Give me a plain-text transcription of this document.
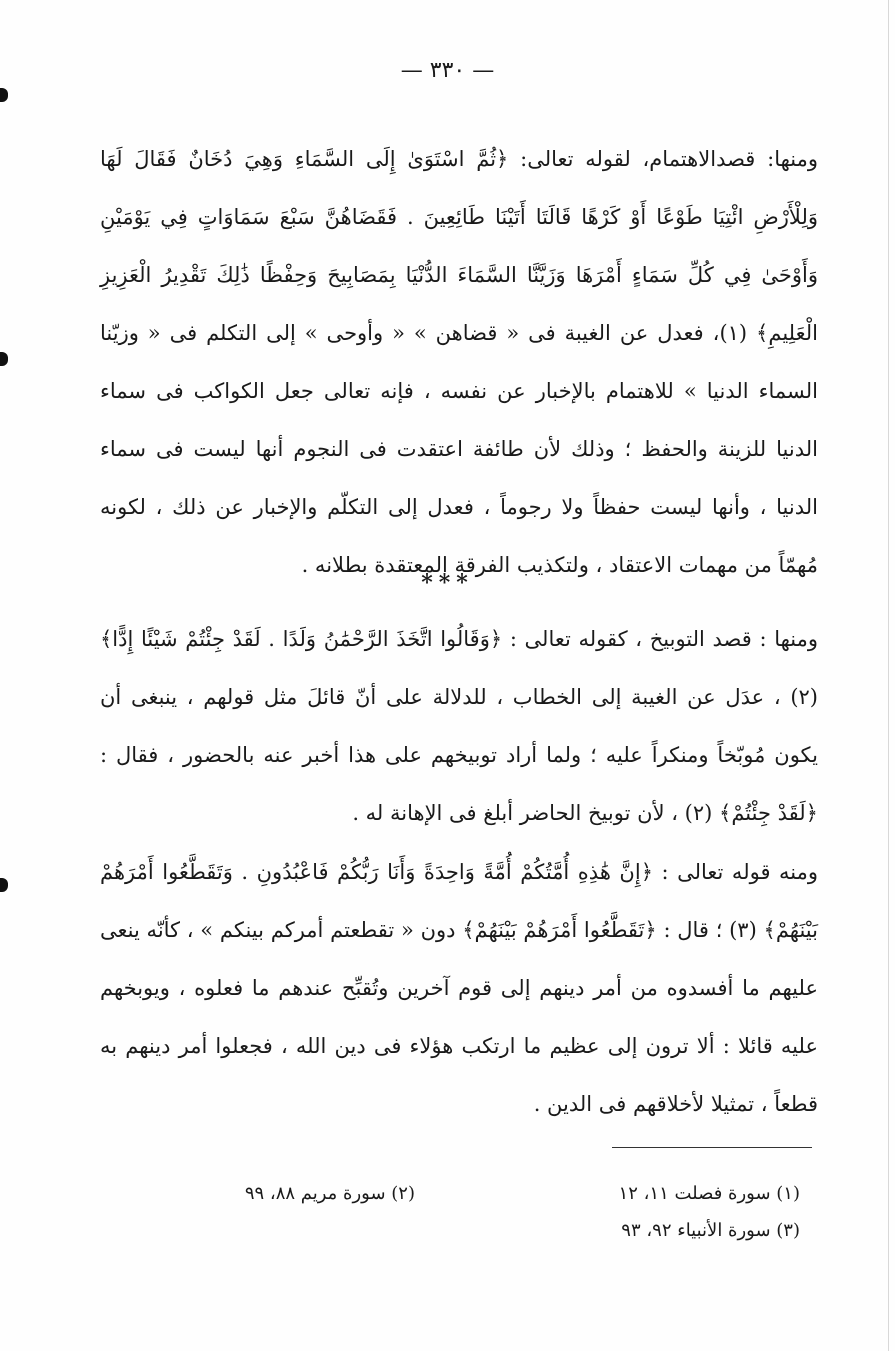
— ٣٣٠ —
ومنها: قصدالاهتمام، لقوله تعالى: ﴿ثُمَّ اسْتَوَىٰ إِلَى السَّمَاءِ وَهِيَ دُخَانٌ فَقَالَ لَهَا وَلِلْأَرْضِ ائْتِيَا طَوْعًا أَوْ كَرْهًا قَالَتَا أَتَيْنَا طَائِعِينَ . فَقَضَاهُنَّ سَبْعَ سَمَاوَاتٍ فِي يَوْمَيْنِ وَأَوْحَىٰ فِي كُلِّ سَمَاءٍ أَمْرَهَا وَزَيَّنَّا السَّمَاءَ الدُّنْيَا بِمَصَابِيحَ وَحِفْظًا ذَٰلِكَ تَقْدِيرُ الْعَزِيزِ الْعَلِيمِ﴾ (١)، فعدل عن الغيبة فى « قضاهن » « وأوحى » إلى التكلم فى « وزيّنا السماء الدنيا » للاهتمام بالإخبار عن نفسه ، فإنه تعالى جعل الكواكب فى سماء الدنيا للزينة والحفظ ؛ وذلك لأن طائفة اعتقدت فى النجوم أنها ليست فى سماء الدنيا ، وأنها ليست حفظاً ولا رجوماً ، فعدل إلى التكلّم والإخبار عن ذلك ، لكونه مُهمّاً من مهمات الاعتقاد ، ولتكذيب الفرقة المعتقدة بطلانه .
***
ومنها : قصد التوبيخ ، كقوله تعالى : ﴿وَقَالُوا اتَّخَذَ الرَّحْمَٰنُ وَلَدًا . لَقَدْ جِئْتُمْ شَيْئًا إِدًّا﴾ (٢) ، عدَل عن الغيبة إلى الخطاب ، للدلالة على أنّ قائلَ مثل قولهم ، ينبغى أن يكون مُوبّخاً ومنكراً عليه ؛ ولما أراد توبيخهم على هذا أخبر عنه بالحضور ، فقال : ﴿لَقَدْ جِئْتُمْ﴾ (٢) ، لأن توبيخ الحاضر أبلغ فى الإهانة له .
ومنه قوله تعالى : ﴿إِنَّ هَٰذِهِ أُمَّتُكُمْ أُمَّةً وَاحِدَةً وَأَنَا رَبُّكُمْ فَاعْبُدُونِ . وَتَقَطَّعُوا أَمْرَهُمْ بَيْنَهُمْ﴾ (٣) ؛ قال : ﴿تَقَطَّعُوا أَمْرَهُمْ بَيْنَهُمْ﴾ دون « تقطعتم أمركم بينكم » ، كأنّه ينعى عليهم ما أفسدوه من أمر دينهم إلى قوم آخرين وتُقبِّح عندهم ما فعلوه ، ويوبخهم عليه قائلا : ألا ترون إلى عظيم ما ارتكب هؤلاء فى دين الله ، فجعلوا أمر دينهم به قطعاً ، تمثيلا لأخلاقهم فى الدين .
(١) سورة فصلت ١١، ١٢
(٢) سورة مريم ٨٨، ٩٩
(٣) سورة الأنبياء ٩٢، ٩٣
